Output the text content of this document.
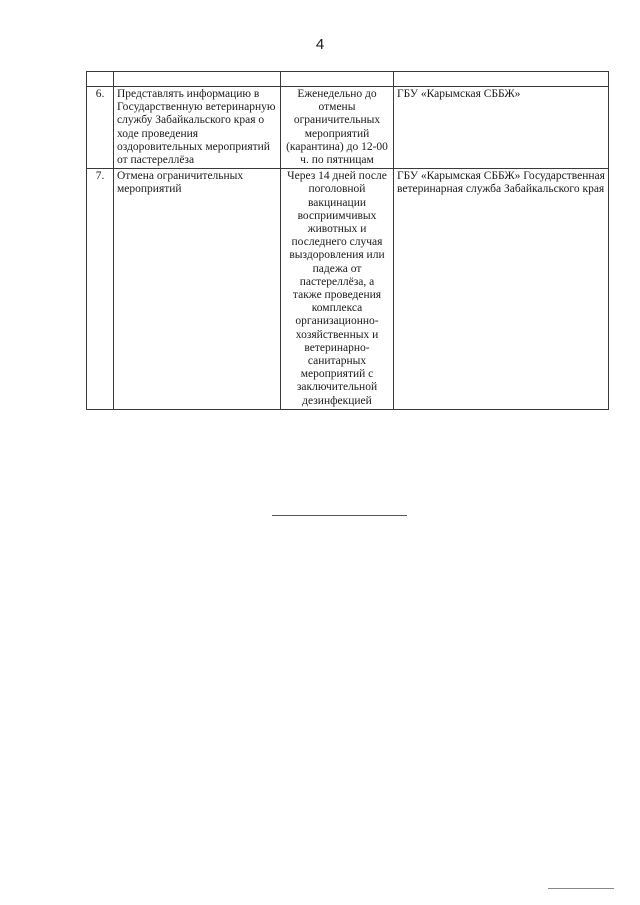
4

6.	Представлять информацию в Государственную ветеринарную службу Забайкальского края о ходе проведения оздоровительных мероприятий от пастереллёза	Еженедельно до отмены ограничительных мероприятий (карантина) до 12-00 ч. по пятницам	ГБУ «Карымская СББЖ»
7.	Отмена ограничительных мероприятий	Через 14 дней после поголовной вакцинации восприимчивых животных и последнего случая выздоровления или падежа от пастереллёза, а также проведения комплекса организационно-хозяйственных и ветеринарно-санитарных мероприятий с заключительной дезинфекцией	ГБУ «Карымская СББЖ» Государственная ветеринарная служба Забайкальского края
